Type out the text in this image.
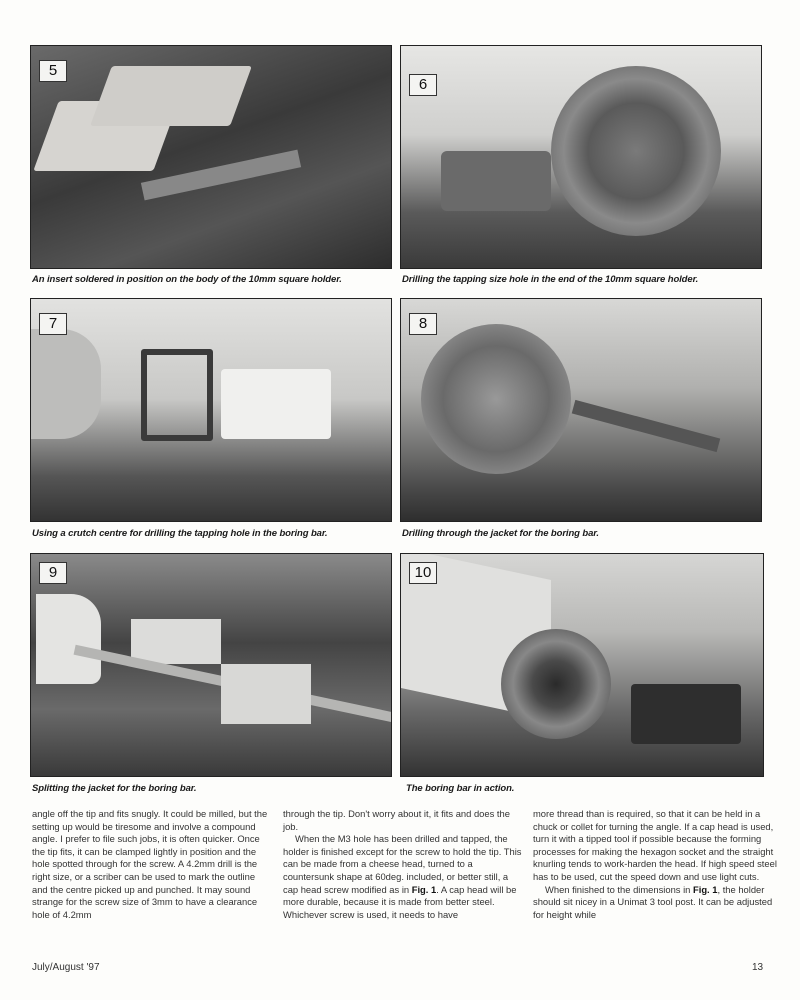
5
An insert soldered in position on the body of the 10mm square holder.
6
Drilling the tapping size hole in the end of the 10mm square holder.
7
Using a crutch centre for drilling the tapping hole in the boring bar.
8
Drilling through the jacket for the boring bar.
9
Splitting the jacket for the boring bar.
10
The boring bar in action.

angle off the tip and fits snugly. It could be milled, but the setting up would be tiresome and involve a compound angle. I prefer to file such jobs, it is often quicker. Once the tip fits, it can be clamped lightly in position and the hole spotted through for the screw. A 4.2mm drill is the right size, or a scriber can be used to mark the outline and the centre picked up and punched. It may sound strange for the screw size of 3mm to have a clearance hole of 4.2mm

through the tip. Don't worry about it, it fits and does the job.

When the M3 hole has been drilled and tapped, the holder is finished except for the screw to hold the tip. This can be made from a cheese head, turned to a countersunk shape at 60deg. included, or better still, a cap head screw modified as in Fig. 1. A cap head will be more durable, because it is made from better steel. Whichever screw is used, it needs to have

more thread than is required, so that it can be held in a chuck or collet for turning the angle. If a cap head is used, turn it with a tipped tool if possible because the forming processes for making the hexagon socket and the straight knurling tends to work-harden the head. If high speed steel has to be used, cut the speed down and use light cuts.

When finished to the dimensions in Fig. 1, the holder should sit nicey in a Unimat 3 tool post. It can be adjusted for height while

July/August '97	13
